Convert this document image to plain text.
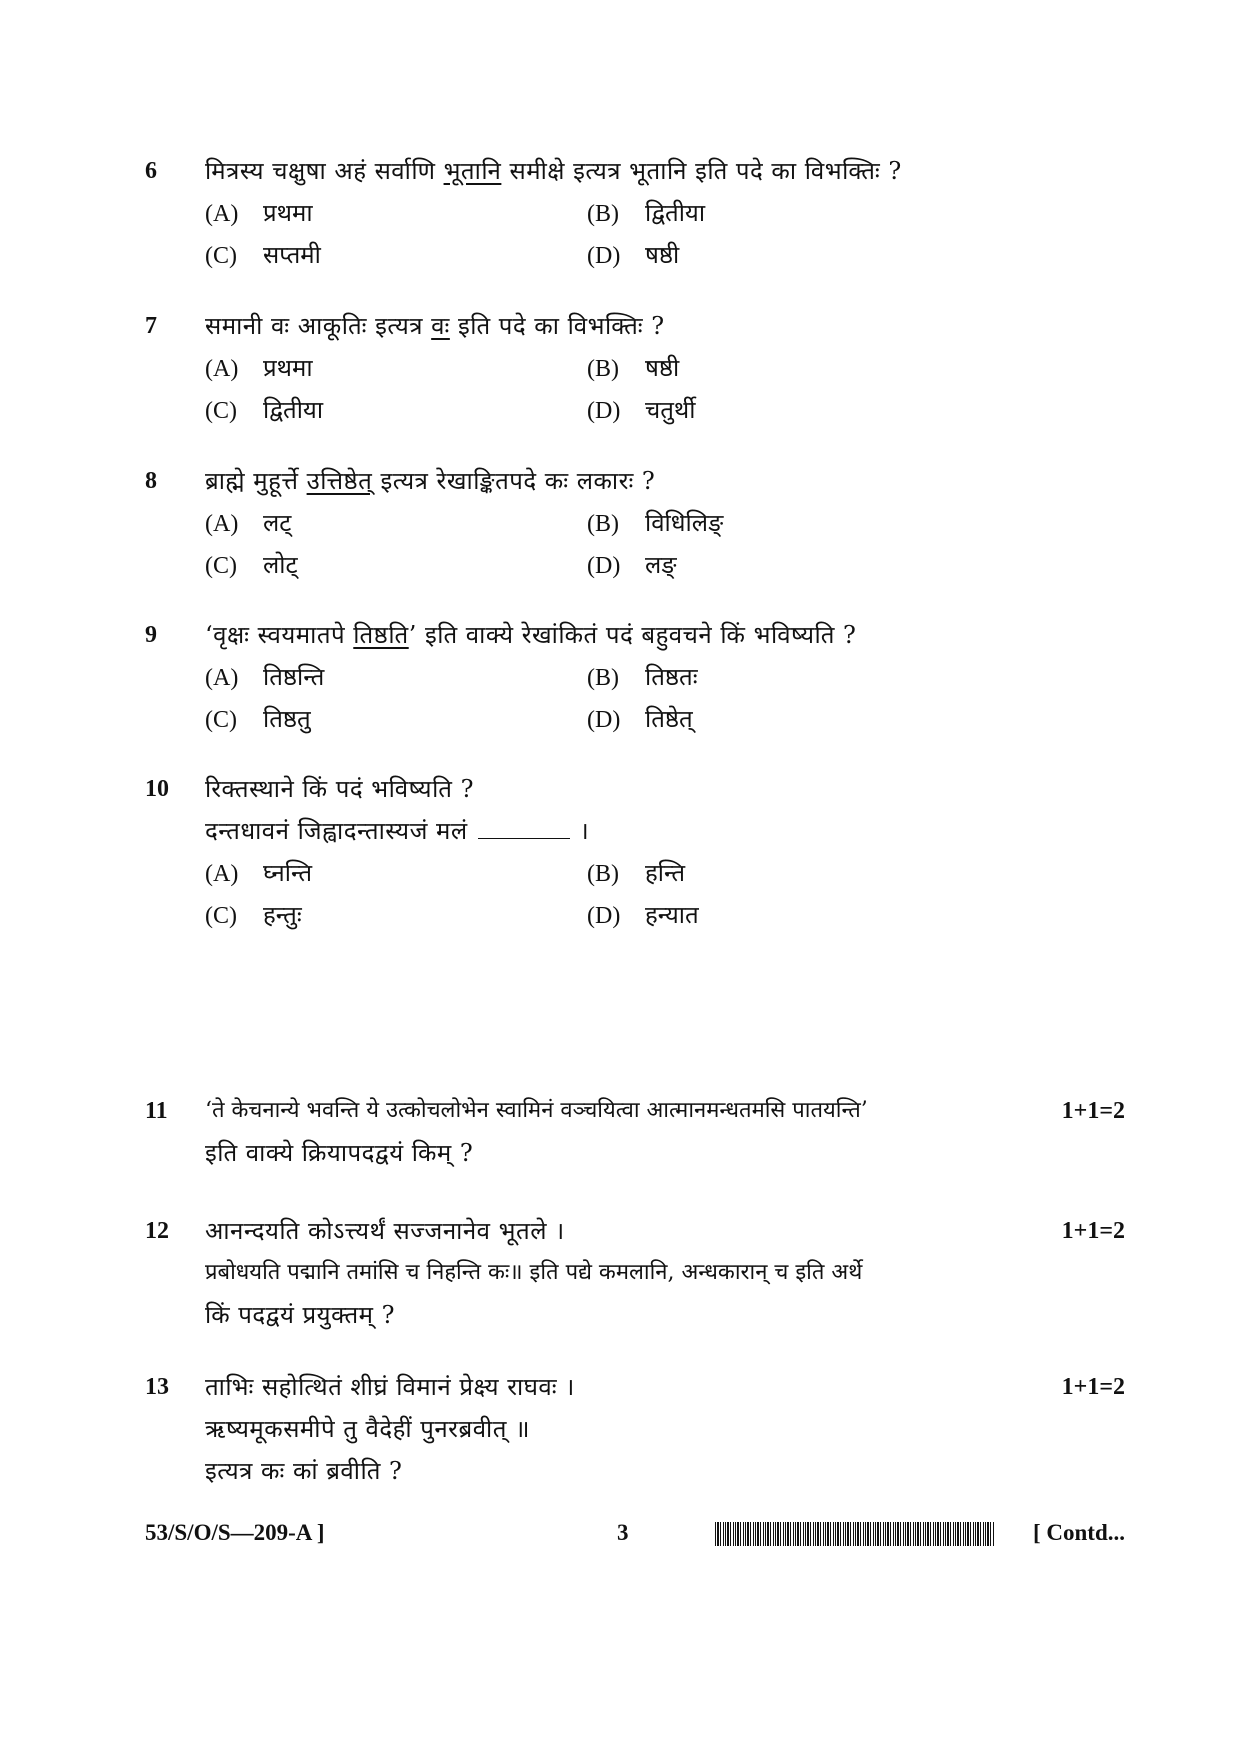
6 मित्रस्य चक्षुषा अहं सर्वाणि भूतानि समीक्षे इत्यत्र भूतानि इति पदे का विभक्तिः ?
(A) प्रथमा	(B) द्वितीया
(C) सप्तमी	(D) षष्ठी
7 समानी वः आकूतिः इत्यत्र वः इति पदे का विभक्तिः ?
(A) प्रथमा	(B) षष्ठी
(C) द्वितीया	(D) चतुर्थी
8 ब्राह्मे मुहूर्त्ते उत्तिष्ठेत् इत्यत्र रेखाङ्कितपदे कः लकारः ?
(A) लट्	(B) विधिलिङ्
(C) लोट्	(D) लङ्
9 ‘वृक्षः स्वयमातपे तिष्ठति’ इति वाक्ये रेखांकितं पदं बहुवचने किं भविष्यति ?
(A) तिष्ठन्ति	(B) तिष्ठतः
(C) तिष्ठतु	(D) तिष्ठेत्
10 रिक्तस्थाने किं पदं भविष्यति ?
दन्तधावनं जिह्वादन्तास्यजं मलं	।
(A) घ्नन्ति	(B) हन्ति
(C) हन्तुः	(D) हन्यात
11 ‘ते केचनान्ये भवन्ति ये उत्कोचलोभेन स्वामिनं वञ्चयित्वा आत्मानमन्धतमसि पातयन्ति’	1+1=2
इति वाक्ये क्रियापदद्वयं किम् ?
12 आनन्दयति कोऽत्त्यर्थं सज्जनानेव भूतले ।	1+1=2
प्रबोधयति पद्मानि तमांसि च निहन्ति कः॥ इति पद्ये कमलानि, अन्धकारान् च इति अर्थे
किं पदद्वयं प्रयुक्तम् ?
13 ताभिः सहोत्थितं शीघ्रं विमानं प्रेक्ष्य राघवः ।	1+1=2
ऋष्यमूकसमीपे तु वैदेहीं पुनरब्रवीत् ॥
इत्यत्र कः कां ब्रवीति ?
53/S/O/S—209-A ]	3	[ Contd...
